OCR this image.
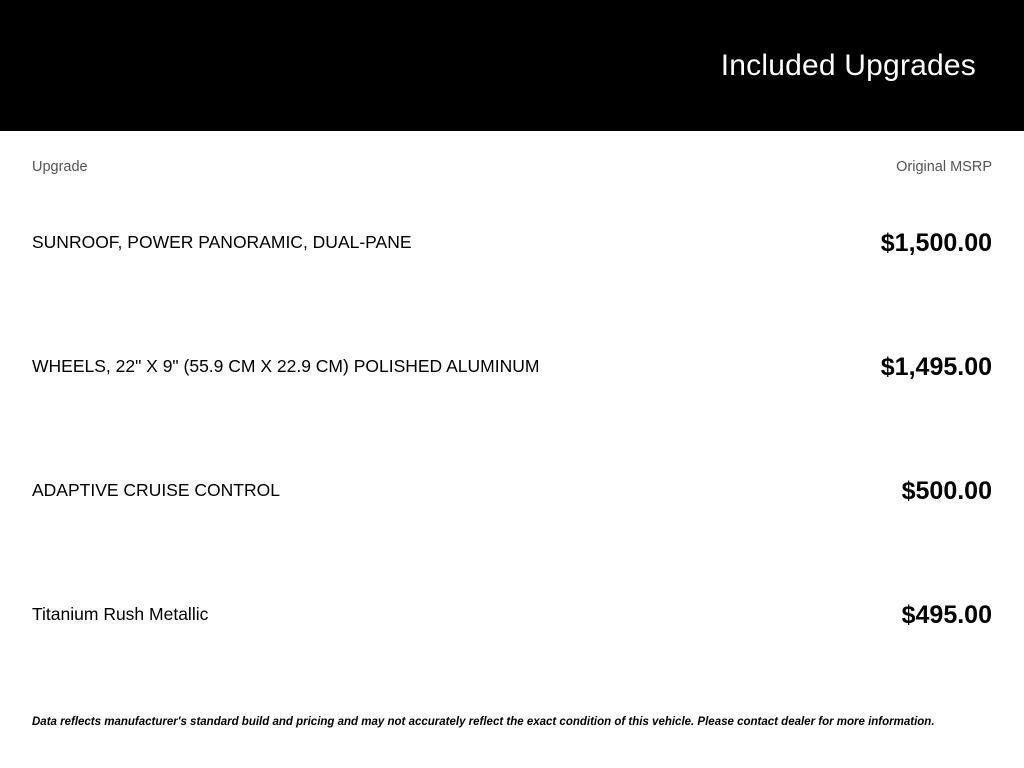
Included Upgrades
Upgrade	Original MSRP
SUNROOF, POWER PANORAMIC, DUAL-PANE	$1,500.00
WHEELS, 22" X 9" (55.9 CM X 22.9 CM) POLISHED ALUMINUM	$1,495.00
ADAPTIVE CRUISE CONTROL	$500.00
Titanium Rush Metallic	$495.00
Data reflects manufacturer's standard build and pricing and may not accurately reflect the exact condition of this vehicle. Please contact dealer for more information.
